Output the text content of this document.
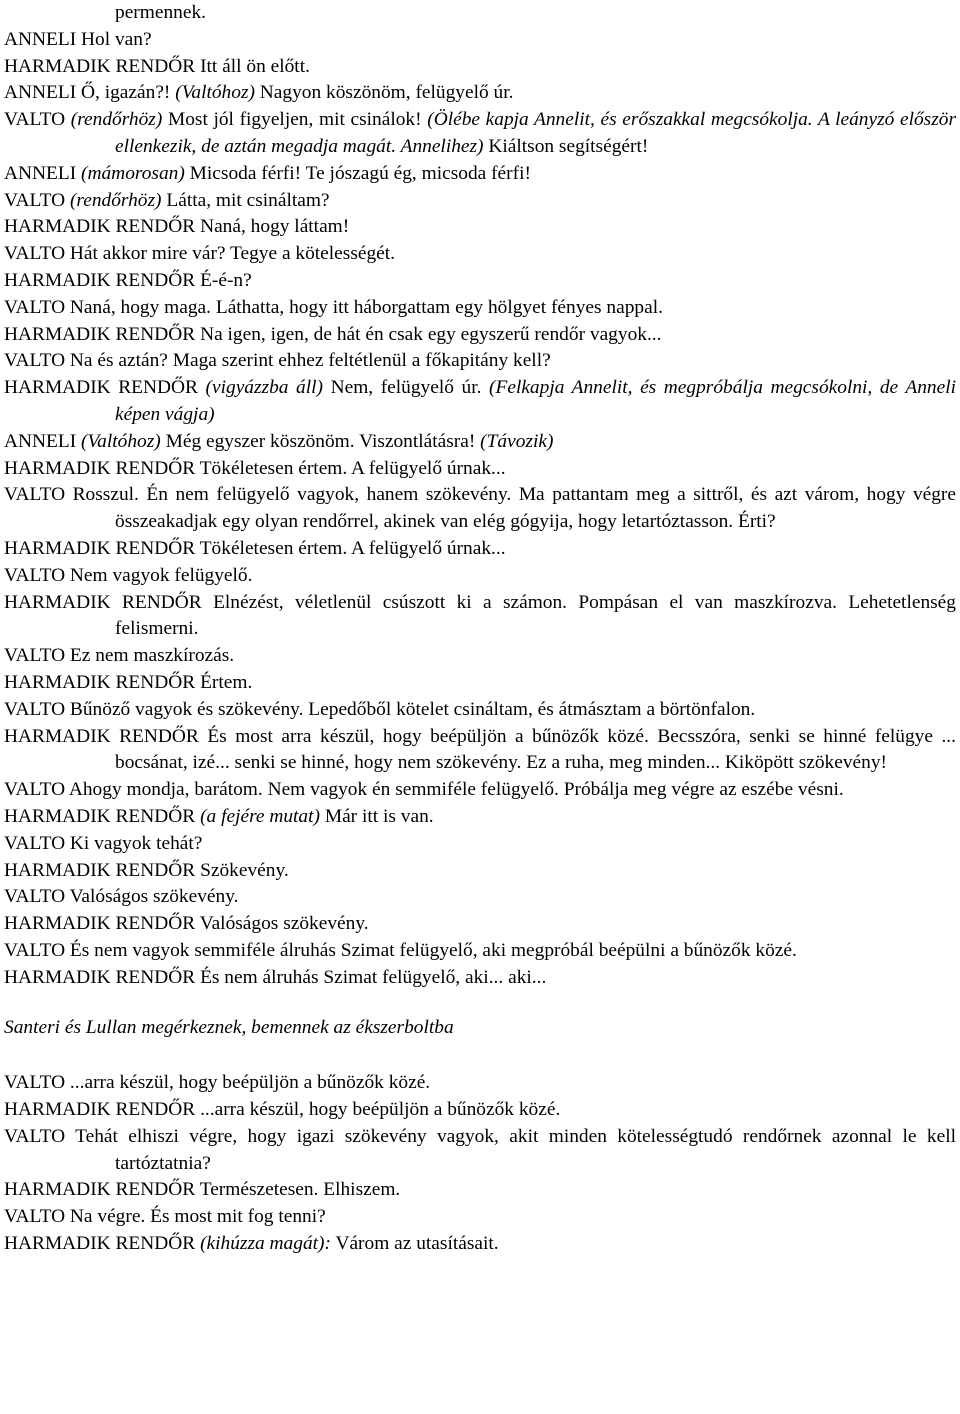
permennek.
ANNELI Hol van?
HARMADIK RENDŐR Itt áll ön előtt.
ANNELI Ő, igazán?! (Valtóhoz) Nagyon köszönöm, felügyelő úr.
VALTO (rendőrhöz) Most jól figyeljen, mit csinálok! (Ölébe kapja Annelit, és erőszakkal megcsókolja. A leányzó először ellenkezik, de aztán megadja magát. Annelihez) Kiáltson segítségért!
ANNELI (mámorosan) Micsoda férfi! Te jószagú ég, micsoda férfi!
VALTO (rendőrhöz) Látta, mit csináltam?
HARMADIK RENDŐR Naná, hogy láttam!
VALTO Hát akkor mire vár? Tegye a kötelességét.
HARMADIK RENDŐR É-é-n?
VALTO Naná, hogy maga. Láthatta, hogy itt háborgattam egy hölgyet fényes nappal.
HARMADIK RENDŐR Na igen, igen, de hát én csak egy egyszerű rendőr vagyok...
VALTO Na és aztán? Maga szerint ehhez feltétlenül a főkapitány kell?
HARMADIK RENDŐR (vigyázzba áll) Nem, felügyelő úr. (Felkapja Annelit, és megpróbálja megcsókolni, de Anneli képen vágja)
ANNELI (Valtóhoz) Még egyszer köszönöm. Viszontlátásra! (Távozik)
HARMADIK RENDŐR Tökéletesen értem. A felügyelő úrnak...
VALTO Rosszul. Én nem felügyelő vagyok, hanem szökevény. Ma pattantam meg a sittről, és azt várom, hogy végre összeakadjak egy olyan rendőrrel, akinek van elég gógyija, hogy letartóztasson. Érti?
HARMADIK RENDŐR Tökéletesen értem. A felügyelő úrnak...
VALTO Nem vagyok felügyelő.
HARMADIK RENDŐR Elnézést, véletlenül csúszott ki a számon. Pompásan el van maszkírozva. Lehetetlenség felismerni.
VALTO Ez nem maszkírozás.
HARMADIK RENDŐR Értem.
VALTO Bűnöző vagyok és szökevény. Lepedőből kötelet csináltam, és átmásztam a börtönfalon.
HARMADIK RENDŐR És most arra készül, hogy beépüljön a bűnözők közé. Becsszóra, senki se hinné felügye ... bocsánat, izé... senki se hinné, hogy nem szökevény. Ez a ruha, meg minden... Kiköpött szökevény!
VALTO Ahogy mondja, barátom. Nem vagyok én semmiféle felügyelő. Próbálja meg végre az eszébe vésni.
HARMADIK RENDŐR (a fejére mutat) Már itt is van.
VALTO Ki vagyok tehát?
HARMADIK RENDŐR Szökevény.
VALTO Valóságos szökevény.
HARMADIK RENDŐR Valóságos szökevény.
VALTO És nem vagyok semmiféle álruhás Szimat felügyelő, aki megpróbál beépülni a bűnözők közé.
HARMADIK RENDŐR És nem álruhás Szimat felügyelő, aki... aki...
Santeri és Lullan megérkeznek, bemennek az ékszerboltba
VALTO ...arra készül, hogy beépüljön a bűnözők közé.
HARMADIK RENDŐR ...arra készül, hogy beépüljön a bűnözők közé.
VALTO Tehát elhiszi végre, hogy igazi szökevény vagyok, akit minden kötelességtudó rendőrnek azonnal le kell tartóztatnia?
HARMADIK RENDŐR Természetesen. Elhiszem.
VALTO Na végre. És most mit fog tenni?
HARMADIK RENDŐR (kihúzza magát): Várom az utasításait.
